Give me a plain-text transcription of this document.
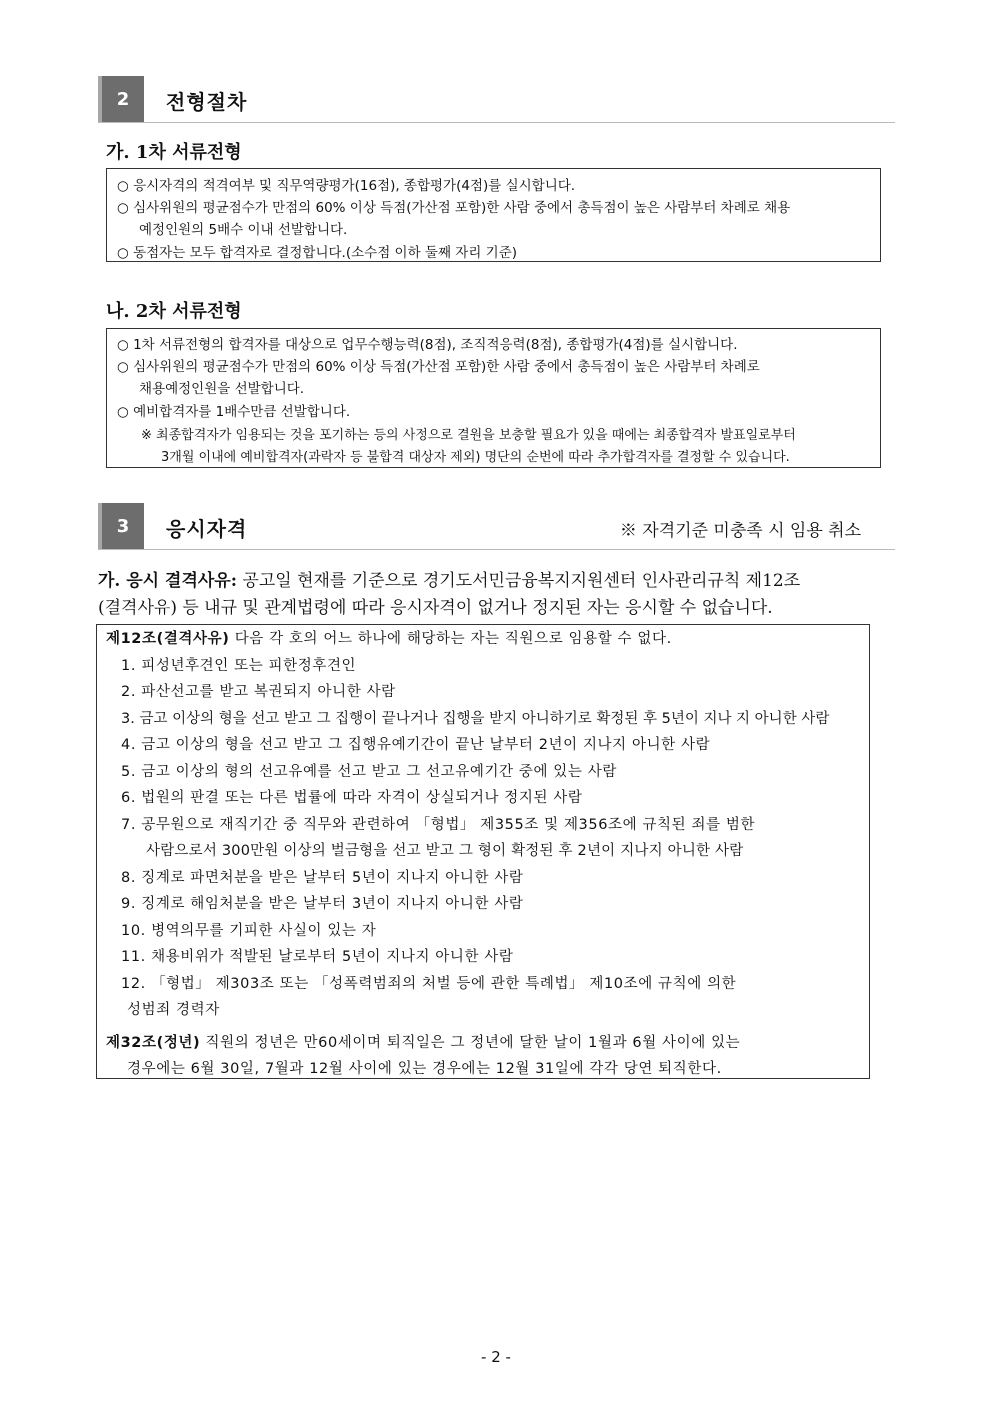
2	전형절차
가. 1차 서류전형
○ 응시자격의 적격여부 및 직무역량평가(16점), 종합평가(4점)를 실시합니다.
○ 심사위원의 평균점수가 만점의 60% 이상 득점(가산점 포함)한 사람 중에서 총득점이 높은 사람부터 차례로 채용
예정인원의 5배수 이내 선발합니다.
○ 동점자는 모두 합격자로 결정합니다.(소수점 이하 둘째 자리 기준)
나. 2차 서류전형
○ 1차 서류전형의 합격자를 대상으로 업무수행능력(8점), 조직적응력(8점), 종합평가(4점)를 실시합니다.
○ 심사위원의 평균점수가 만점의 60% 이상 득점(가산점 포함)한 사람 중에서 총득점이 높은 사람부터 차례로
채용예정인원을 선발합니다.
○ 예비합격자를 1배수만큼 선발합니다.
※ 최종합격자가 임용되는 것을 포기하는 등의 사정으로 결원을 보충할 필요가 있을 때에는 최종합격자 발표일로부터
3개월 이내에 예비합격자(과락자 등 불합격 대상자 제외) 명단의 순번에 따라 추가합격자를 결정할 수 있습니다.
3	응시자격	※ 자격기준 미충족 시 임용 취소
가. 응시 결격사유: 공고일 현재를 기준으로 경기도서민금융복지지원센터 인사관리규칙 제12조
(결격사유) 등 내규 및 관계법령에 따라 응시자격이 없거나 정지된 자는 응시할 수 없습니다.
제12조(결격사유) 다음 각 호의 어느 하나에 해당하는 자는 직원으로 임용할 수 없다.
1. 피성년후견인 또는 피한정후견인
2. 파산선고를 받고 복권되지 아니한 사람
3. 금고 이상의 형을 선고 받고 그 집행이 끝나거나 집행을 받지 아니하기로 확정된 후 5년이 지나 지 아니한 사람
4. 금고 이상의 형을 선고 받고 그 집행유예기간이 끝난 날부터 2년이 지나지 아니한 사람
5. 금고 이상의 형의 선고유예를 선고 받고 그 선고유예기간 중에 있는 사람
6. 법원의 판결 또는 다른 법률에 따라 자격이 상실되거나 정지된 사람
7. 공무원으로 재직기간 중 직무와 관련하여 「형법」 제355조 및 제356조에 규칙된 죄를 범한
사람으로서 300만원 이상의 벌금형을 선고 받고 그 형이 확정된 후 2년이 지나지 아니한 사람
8. 징계로 파면처분을 받은 날부터 5년이 지나지 아니한 사람
9. 징계로 해임처분을 받은 날부터 3년이 지나지 아니한 사람
10. 병역의무를 기피한 사실이 있는 자
11. 채용비위가 적발된 날로부터 5년이 지나지 아니한 사람
12. 「형법」 제303조 또는 「성폭력범죄의 처벌 등에 관한 특례법」 제10조에 규칙에 의한
성범죄 경력자
제32조(정년) 직원의 정년은 만60세이며 퇴직일은 그 정년에 달한 날이 1월과 6월 사이에 있는
경우에는 6월 30일, 7월과 12월 사이에 있는 경우에는 12월 31일에 각각 당연 퇴직한다.
- 2 -
